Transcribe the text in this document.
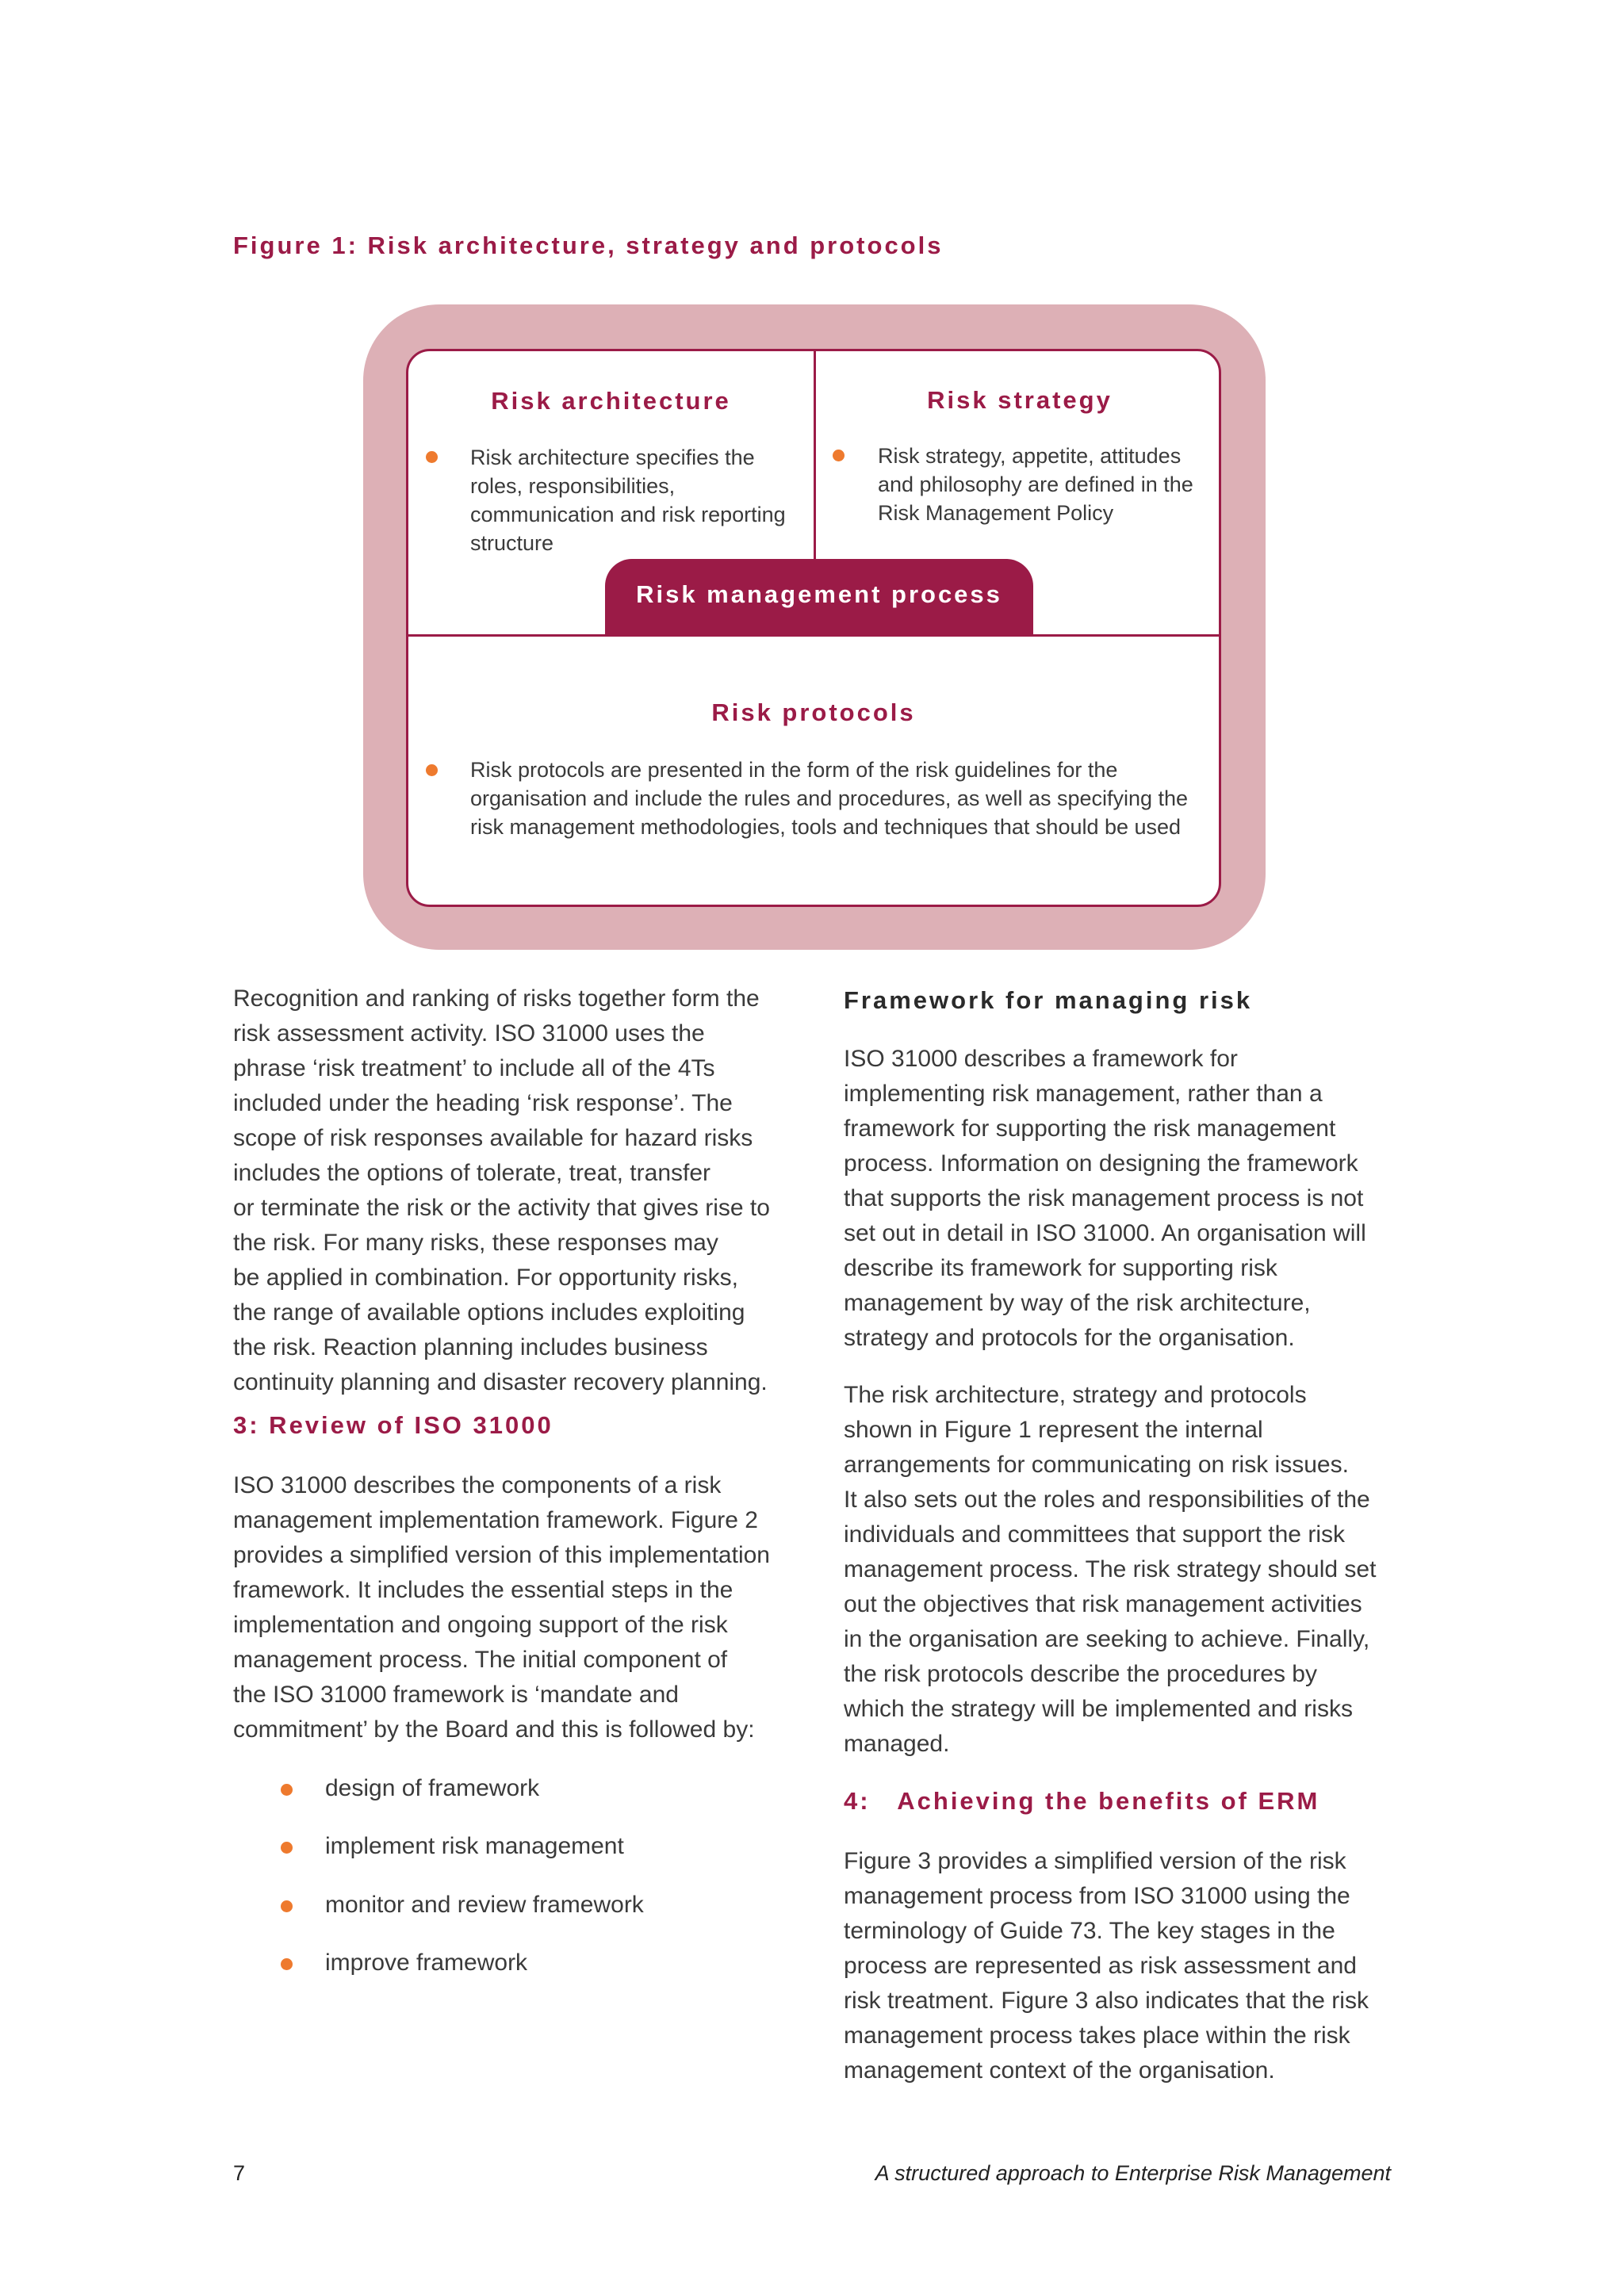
Figure 1: Risk architecture, strategy and protocols
Risk architecture
Risk architecture specifies the
roles, responsibilities,
communication and risk reporting
structure
Risk strategy
Risk strategy, appetite, attitudes
and philosophy are defined in the
Risk Management Policy
Risk management process
Risk protocols
Risk protocols are presented in the form of the risk guidelines for the
organisation and include the rules and procedures, as well as specifying the
risk management methodologies, tools and techniques that should be used

Recognition and ranking of risks together form the

risk assessment activity. ISO 31000 uses the

phrase ‘risk treatment’ to include all of the 4Ts

included under the heading ‘risk response’. The

scope of risk responses available for hazard risks

includes the options of tolerate, treat, transfer

or terminate the risk or the activity that gives rise to

the risk. For many risks, these responses may

be applied in combination. For opportunity risks,

the range of available options includes exploiting

the risk. Reaction planning includes business

continuity planning and disaster recovery planning.

3: Review of ISO 31000

ISO 31000 describes the components of a risk

management implementation framework. Figure 2

provides a simplified version of this implementation

framework. It includes the essential steps in the

implementation and ongoing support of the risk

management process. The initial component of

the ISO 31000 framework is ‘mandate and

commitment’ by the Board and this is followed by:

design of framework
implement risk management
monitor and review framework
improve framework
Framework for managing risk

ISO 31000 describes a framework for

implementing risk management, rather than a

framework for supporting the risk management

process. Information on designing the framework

that supports the risk management process is not

set out in detail in ISO 31000. An organisation will

describe its framework for supporting risk

management by way of the risk architecture,

strategy and protocols for the organisation.

The risk architecture, strategy and protocols

shown in Figure 1 represent the internal

arrangements for communicating on risk issues.

It also sets out the roles and responsibilities of the

individuals and committees that support the risk

management process. The risk strategy should set

out the objectives that risk management activities

in the organisation are seeking to achieve. Finally,

the risk protocols describe the procedures by

which the strategy will be implemented and risks

managed.

4:   Achieving the benefits of ERM

Figure 3 provides a simplified version of the risk

management process from ISO 31000 using the

terminology of Guide 73. The key stages in the

process are represented as risk assessment and

risk treatment. Figure 3 also indicates that the risk

management process takes place within the risk

management context of the organisation.

7	A structured approach to Enterprise Risk Management
